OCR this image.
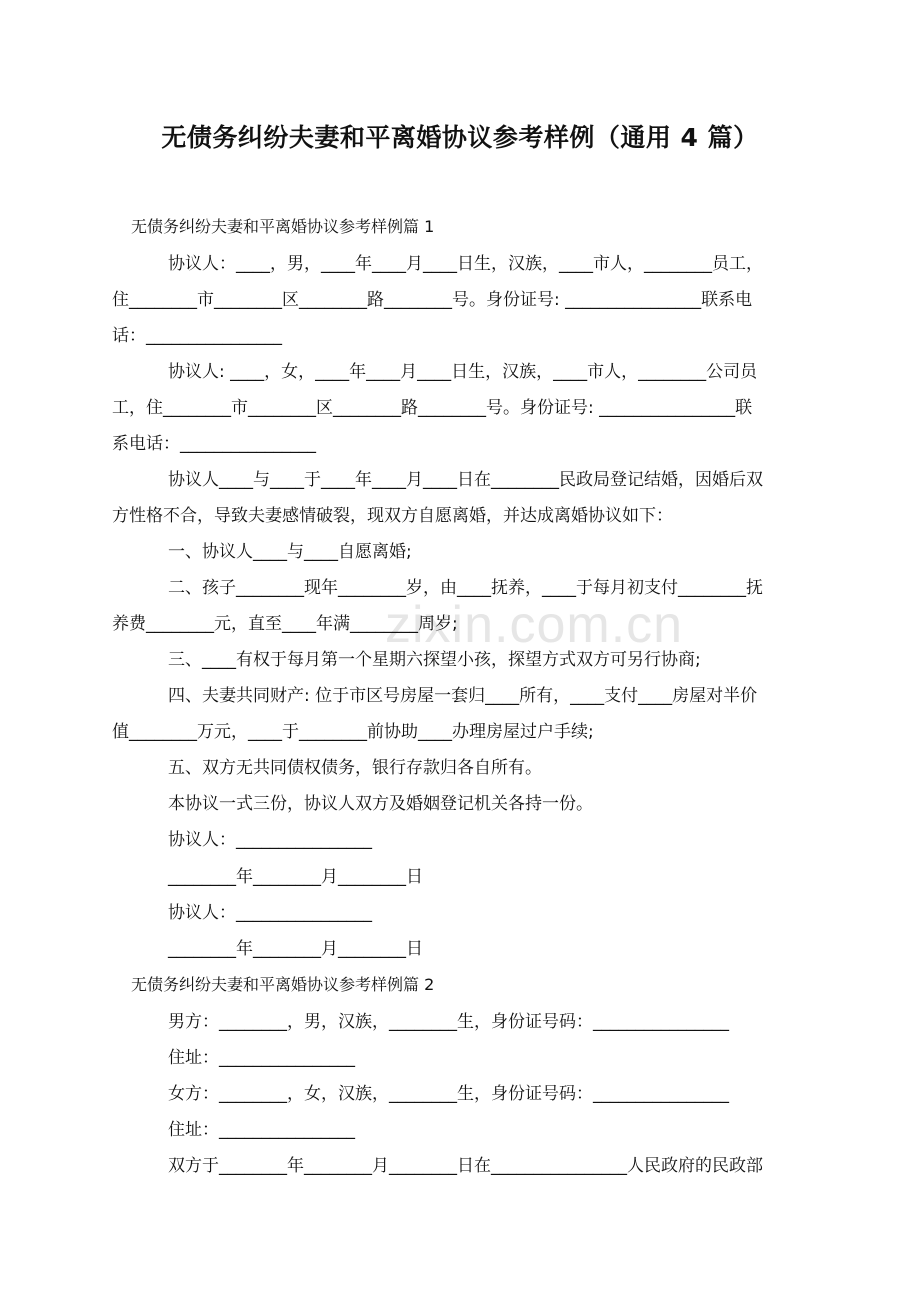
zixin.com.cn
无债务纠纷夫妻和平离婚协议参考样例（通用 4 篇）
无债务纠纷夫妻和平离婚协议参考样例篇 1
协议人：____，男，____年____月____日生，汉族，____市人，________员工，
住________市________区________路________号。身份证号: ________________联系电
话：________________
协议人: ____，女，____年____月____日生，汉族，____市人，________公司员
工，住________市________区________路________号。身份证号: ________________联
系电话：________________
协议人____与____于____年____月____日在________民政局登记结婚，因婚后双
方性格不合，导致夫妻感情破裂，现双方自愿离婚，并达成离婚协议如下：
一、协议人____与____自愿离婚;
二、孩子________现年________岁，由____抚养，____于每月初支付________抚
养费________元，直至____年满________周岁;
三、____有权于每月第一个星期六探望小孩，探望方式双方可另行协商;
四、夫妻共同财产: 位于市区号房屋一套归____所有，____支付____房屋对半价
值________万元，____于________前协助____办理房屋过户手续;
五、双方无共同债权债务，银行存款归各自所有。
本协议一式三份，协议人双方及婚姻登记机关各持一份。
协议人：________________
________年________月________日
协议人：________________
________年________月________日
无债务纠纷夫妻和平离婚协议参考样例篇 2
男方：________，男，汉族，________生，身份证号码：________________
住址：________________
女方：________，女，汉族，________生，身份证号码：________________
住址：________________
双方于________年________月________日在________________人民政府的民政部
